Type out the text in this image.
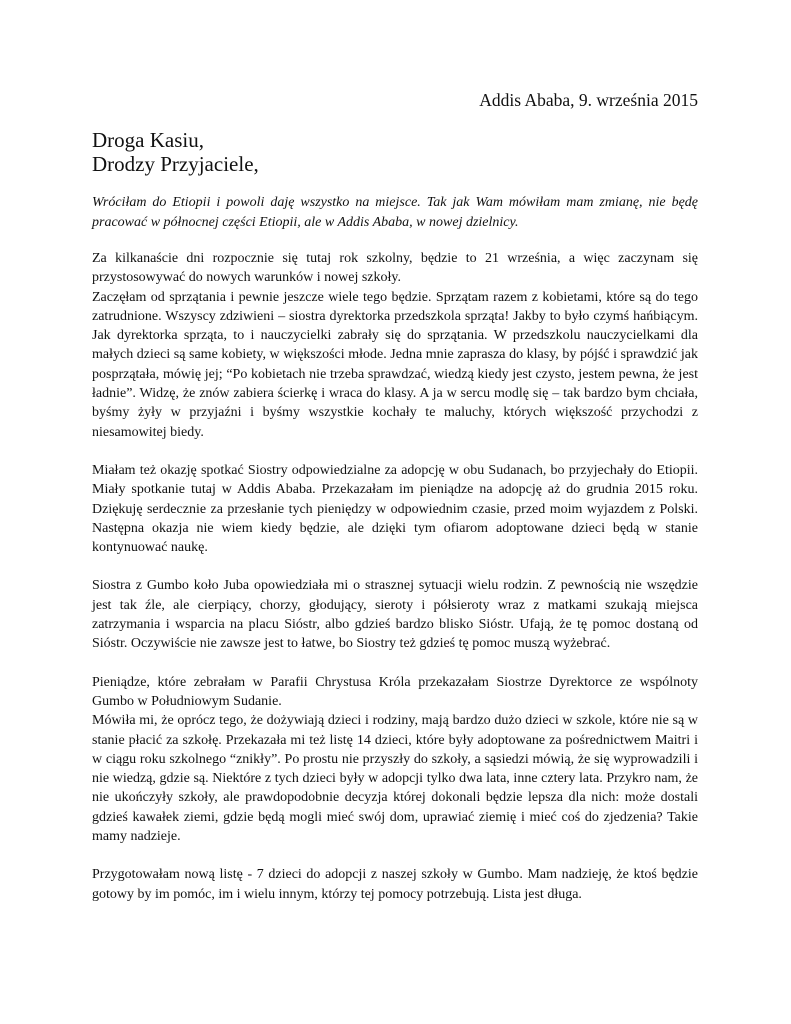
Addis Ababa, 9. września 2015

Droga Kasiu,

Drodzy Przyjaciele,

Wróciłam do Etiopii i powoli daję wszystko na miejsce. Tak jak Wam mówiłam mam zmianę, nie będę pracować w północnej części Etiopii, ale w Addis Ababa, w nowej dzielnicy.

Za kilkanaście dni rozpocznie się tutaj rok szkolny, będzie to 21 września, a więc zaczynam się przystosowywać do nowych warunków i nowej szkoły.

Zaczęłam od sprzątania i pewnie jeszcze wiele tego będzie. Sprzątam razem z kobietami, które są do tego zatrudnione. Wszyscy zdziwieni – siostra dyrektorka przedszkola sprząta! Jakby to było czymś hańbiącym. Jak dyrektorka sprząta, to i nauczycielki zabrały się do sprzątania. W przedszkolu nauczycielkami dla małych dzieci są same kobiety, w większości młode. Jedna mnie zaprasza do klasy, by pójść i sprawdzić jak posprzątała, mówię jej; “Po kobietach nie trzeba sprawdzać, wiedzą kiedy jest czysto, jestem pewna, że jest ładnie”. Widzę, że znów zabiera ścierkę i wraca do klasy. A ja w sercu modlę się – tak bardzo bym chciała, byśmy żyły w przyjaźni i byśmy wszystkie kochały te maluchy, których większość przychodzi z niesamowitej biedy.

Miałam też okazję spotkać Siostry odpowiedzialne za adopcję w obu Sudanach, bo przyjechały do Etiopii. Miały spotkanie tutaj w Addis Ababa. Przekazałam im pieniądze na adopcję aż do grudnia 2015 roku. Dziękuję serdecznie za przesłanie tych pieniędzy w odpowiednim czasie, przed moim wyjazdem z Polski. Następna okazja nie wiem kiedy będzie, ale dzięki tym ofiarom adoptowane dzieci będą w stanie kontynuować naukę.

Siostra z Gumbo koło Juba opowiedziała mi o strasznej sytuacji wielu rodzin. Z pewnością nie wszędzie jest tak źle, ale cierpiący, chorzy, głodujący, sieroty i półsieroty wraz z matkami szukają miejsca zatrzymania i wsparcia na placu Sióstr, albo gdzieś bardzo blisko Sióstr. Ufają, że tę pomoc dostaną od Sióstr. Oczywiście nie zawsze jest to łatwe, bo Siostry też gdzieś tę pomoc muszą wyżebrać.

Pieniądze, które zebrałam w Parafii Chrystusa Króla przekazałam Siostrze Dyrektorce ze wspólnoty Gumbo w Południowym Sudanie.

Mówiła mi, że oprócz tego, że dożywiają dzieci i rodziny, mają bardzo dużo dzieci w szkole, które nie są w stanie płacić za szkołę. Przekazała mi też listę 14 dzieci, które były adoptowane za pośrednictwem Maitri i w ciągu roku szkolnego “znikły”. Po prostu nie przyszły do szkoły, a sąsiedzi mówią, że się wyprowadzili i nie wiedzą, gdzie są. Niektóre z tych dzieci były w adopcji tylko dwa lata, inne cztery lata. Przykro nam, że nie ukończyły szkoły, ale prawdopodobnie decyzja której dokonali będzie lepsza dla nich: może dostali gdzieś kawałek ziemi, gdzie będą mogli mieć swój dom, uprawiać ziemię i mieć coś do zjedzenia? Takie mamy nadzieje.

Przygotowałam nową listę - 7 dzieci do adopcji z naszej szkoły w Gumbo. Mam nadzieję, że ktoś będzie gotowy by im pomóc, im i wielu innym, którzy tej pomocy potrzebują. Lista jest długa.
